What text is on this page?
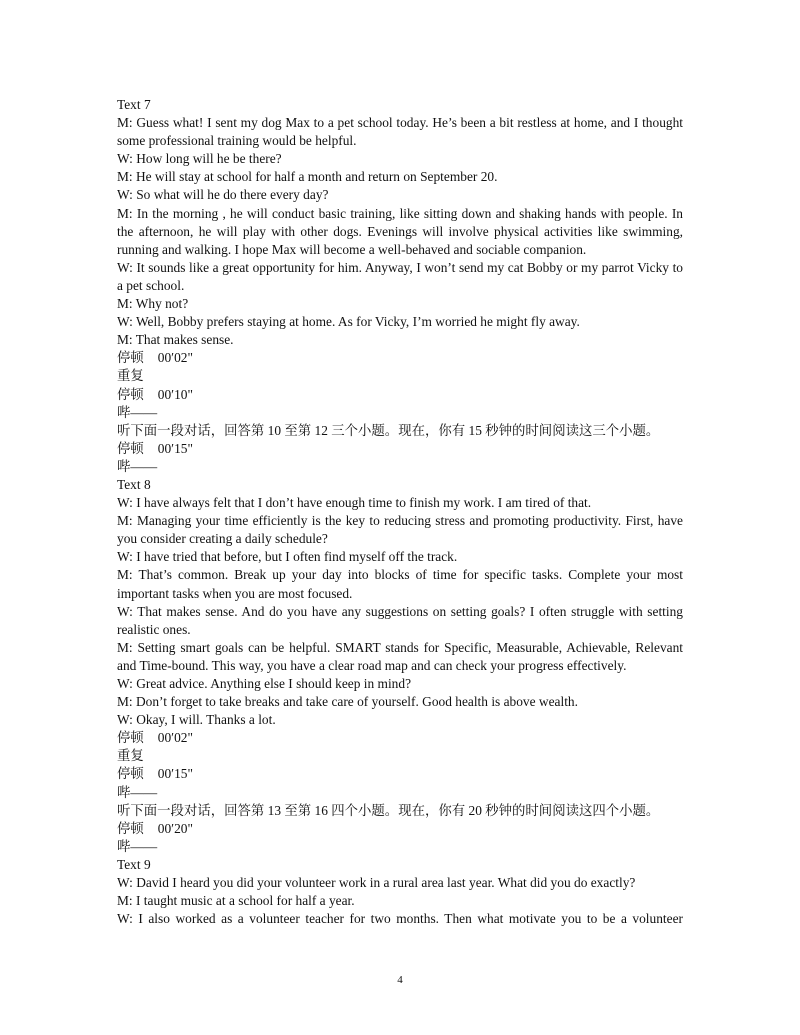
Text 7

M: Guess what! I sent my dog Max to a pet school today. He’s been a bit restless at home, and I thought some professional training would be helpful.

W: How long will he be there?

M: He will stay at school for half a month and return on September 20.

W: So what will he do there every day?

M: In the morning , he will conduct basic training, like sitting down and shaking hands with people. In the afternoon, he will play with other dogs. Evenings will involve physical activities like swimming, running and walking. I hope Max will become a well-behaved and sociable companion.

W: It sounds like a great opportunity for him. Anyway, I won’t send my cat Bobby or my parrot Vicky to a pet school.

M: Why not?

W: Well, Bobby prefers staying at home. As for Vicky, I’m worried he might fly away.

M: That makes sense.

停顿 00′02"

重复

停顿 00′10"

哔——

听下面一段对话，回答第 10 至第 12 三个小题。现在，你有 15 秒钟的时间阅读这三个小题。

停顿 00′15"

哔——

Text 8

W: I have always felt that I don’t have enough time to finish my work. I am tired of that.

M: Managing your time efficiently is the key to reducing stress and promoting productivity. First, have you consider creating a daily schedule?

W: I have tried that before, but I often find myself off the track.

M: That’s common. Break up your day into blocks of time for specific tasks. Complete your most important tasks when you are most focused.

W: That makes sense. And do you have any suggestions on setting goals? I often struggle with setting realistic ones.

M: Setting smart goals can be helpful. SMART stands for Specific, Measurable, Achievable, Relevant and Time-bound. This way, you have a clear road map and can check your progress effectively.

W: Great advice. Anything else I should keep in mind?

M: Don’t forget to take breaks and take care of yourself. Good health is above wealth.

W: Okay, I will. Thanks a lot.

停顿 00′02"

重复

停顿 00′15"

哔——

听下面一段对话，回答第 13 至第 16 四个小题。现在，你有 20 秒钟的时间阅读这四个小题。

停顿 00′20"

哔——

Text 9

W: David I heard you did your volunteer work in a rural area last year. What did you do exactly?

M: I taught music at a school for half a year.

W: I also worked as a volunteer teacher for two months. Then what motivate you to be a volunteer

4
